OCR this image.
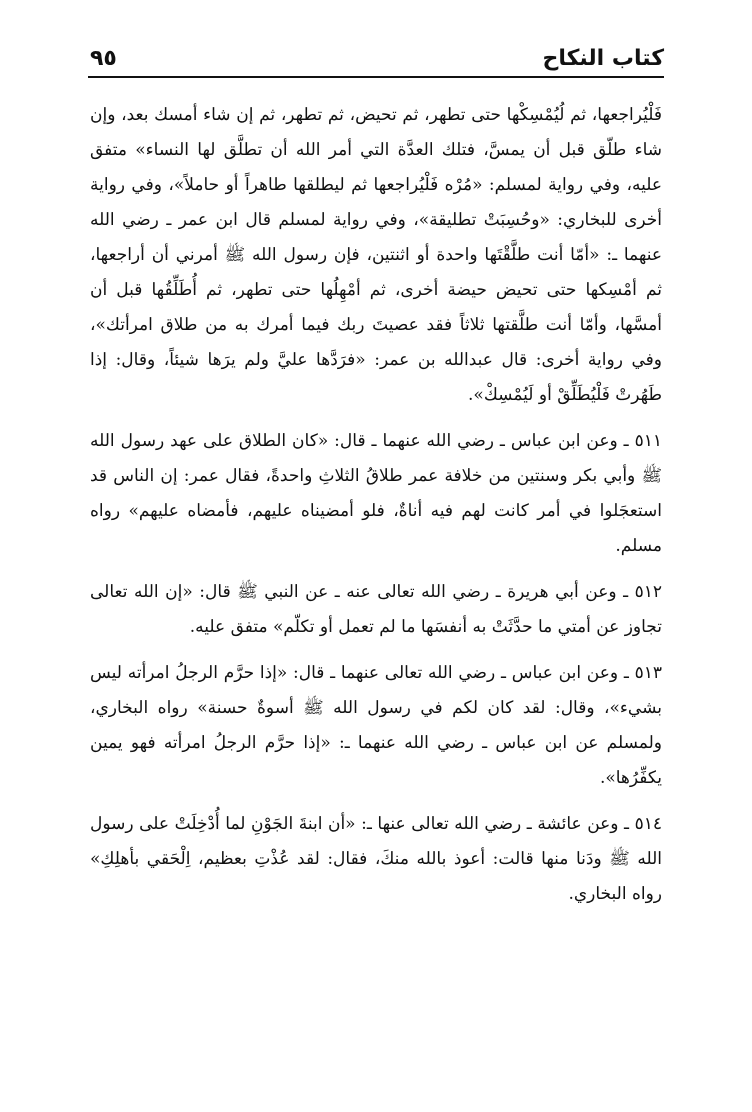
كتاب النكاح
٩٥

فَلْيُراجعها، ثم لُيُمْسِكْها حتى تطهر، ثم تحيض، ثم تطهر، ثم إن شاء أمسك بعد، وإن شاء طلّق قبل أن يمسَّ، فتلك العدَّة التي أمر الله أن تطلَّق لها النساء» متفق عليه، وفي رواية لمسلم: «مُرْه فَلْيُراجعها ثم ليطلقها طاهراً أو حاملاً»، وفي رواية أخرى للبخاري: «وحُسِبَتْ تطليقة»، وفي رواية لمسلم قال ابن عمر ـ رضي الله عنهما ـ: «أمّا أنت طلَّقْتَها واحدة أو اثنتين، فإن رسول الله ﷺ أمرني أن أراجعها، ثم أمْسِكها حتى تحيض حيضة أخرى، ثم أمْهِلُها حتى تطهر، ثم أُطَلِّقُها قبل أن أمسَّها، وأمّا أنت طلَّقتها ثلاثاً فقد عصيتَ ربك فيما أمرك به من طلاق امرأتك»، وفي رواية أخرى: قال عبدالله بن عمر: «فرَدَّها عليَّ ولم يرَها شيئاً، وقال: إذا طَهُرتْ فَلْيُطَلِّقْ أو لَيُمْسِكْ».

٥١١ ـ وعن ابن عباس ـ رضي الله عنهما ـ قال: «كان الطلاق على عهد رسول الله ﷺ وأبي بكر وسنتين من خلافة عمر طلاقُ الثلاثِ واحدةً، فقال عمر: إن الناس قد استعجَلوا في أمر كانت لهم فيه أناةٌ، فلو أمضيناه عليهم، فأمضاه عليهم» رواه مسلم.

٥١٢ ـ وعن أبي هريرة ـ رضي الله تعالى عنه ـ عن النبي ﷺ قال: «إن الله تعالى تجاوز عن أمتي ما حدَّثَتْ به أنفسَها ما لم تعمل أو تكلّم» متفق عليه.

٥١٣ ـ وعن ابن عباس ـ رضي الله تعالى عنهما ـ قال: «إذا حرَّم الرجلُ امرأته ليس بشيء»، وقال: لقد كان لكم في رسول الله ﷺ أسوةٌ حسنة» رواه البخاري، ولمسلم عن ابن عباس ـ رضي الله عنهما ـ: «إذا حرَّم الرجلُ امرأته فهو يمين يكفِّرُها».

٥١٤ ـ وعن عائشة ـ رضي الله تعالى عنها ـ: «أن ابنةَ الجَوْنِ لما أُدْخِلَتْ على رسول الله ﷺ ودَنا منها قالت: أعوذ بالله منكَ، فقال: لقد عُذْتِ بعظيم، اِلْحَقي بأهلِكِ» رواه البخاري.
